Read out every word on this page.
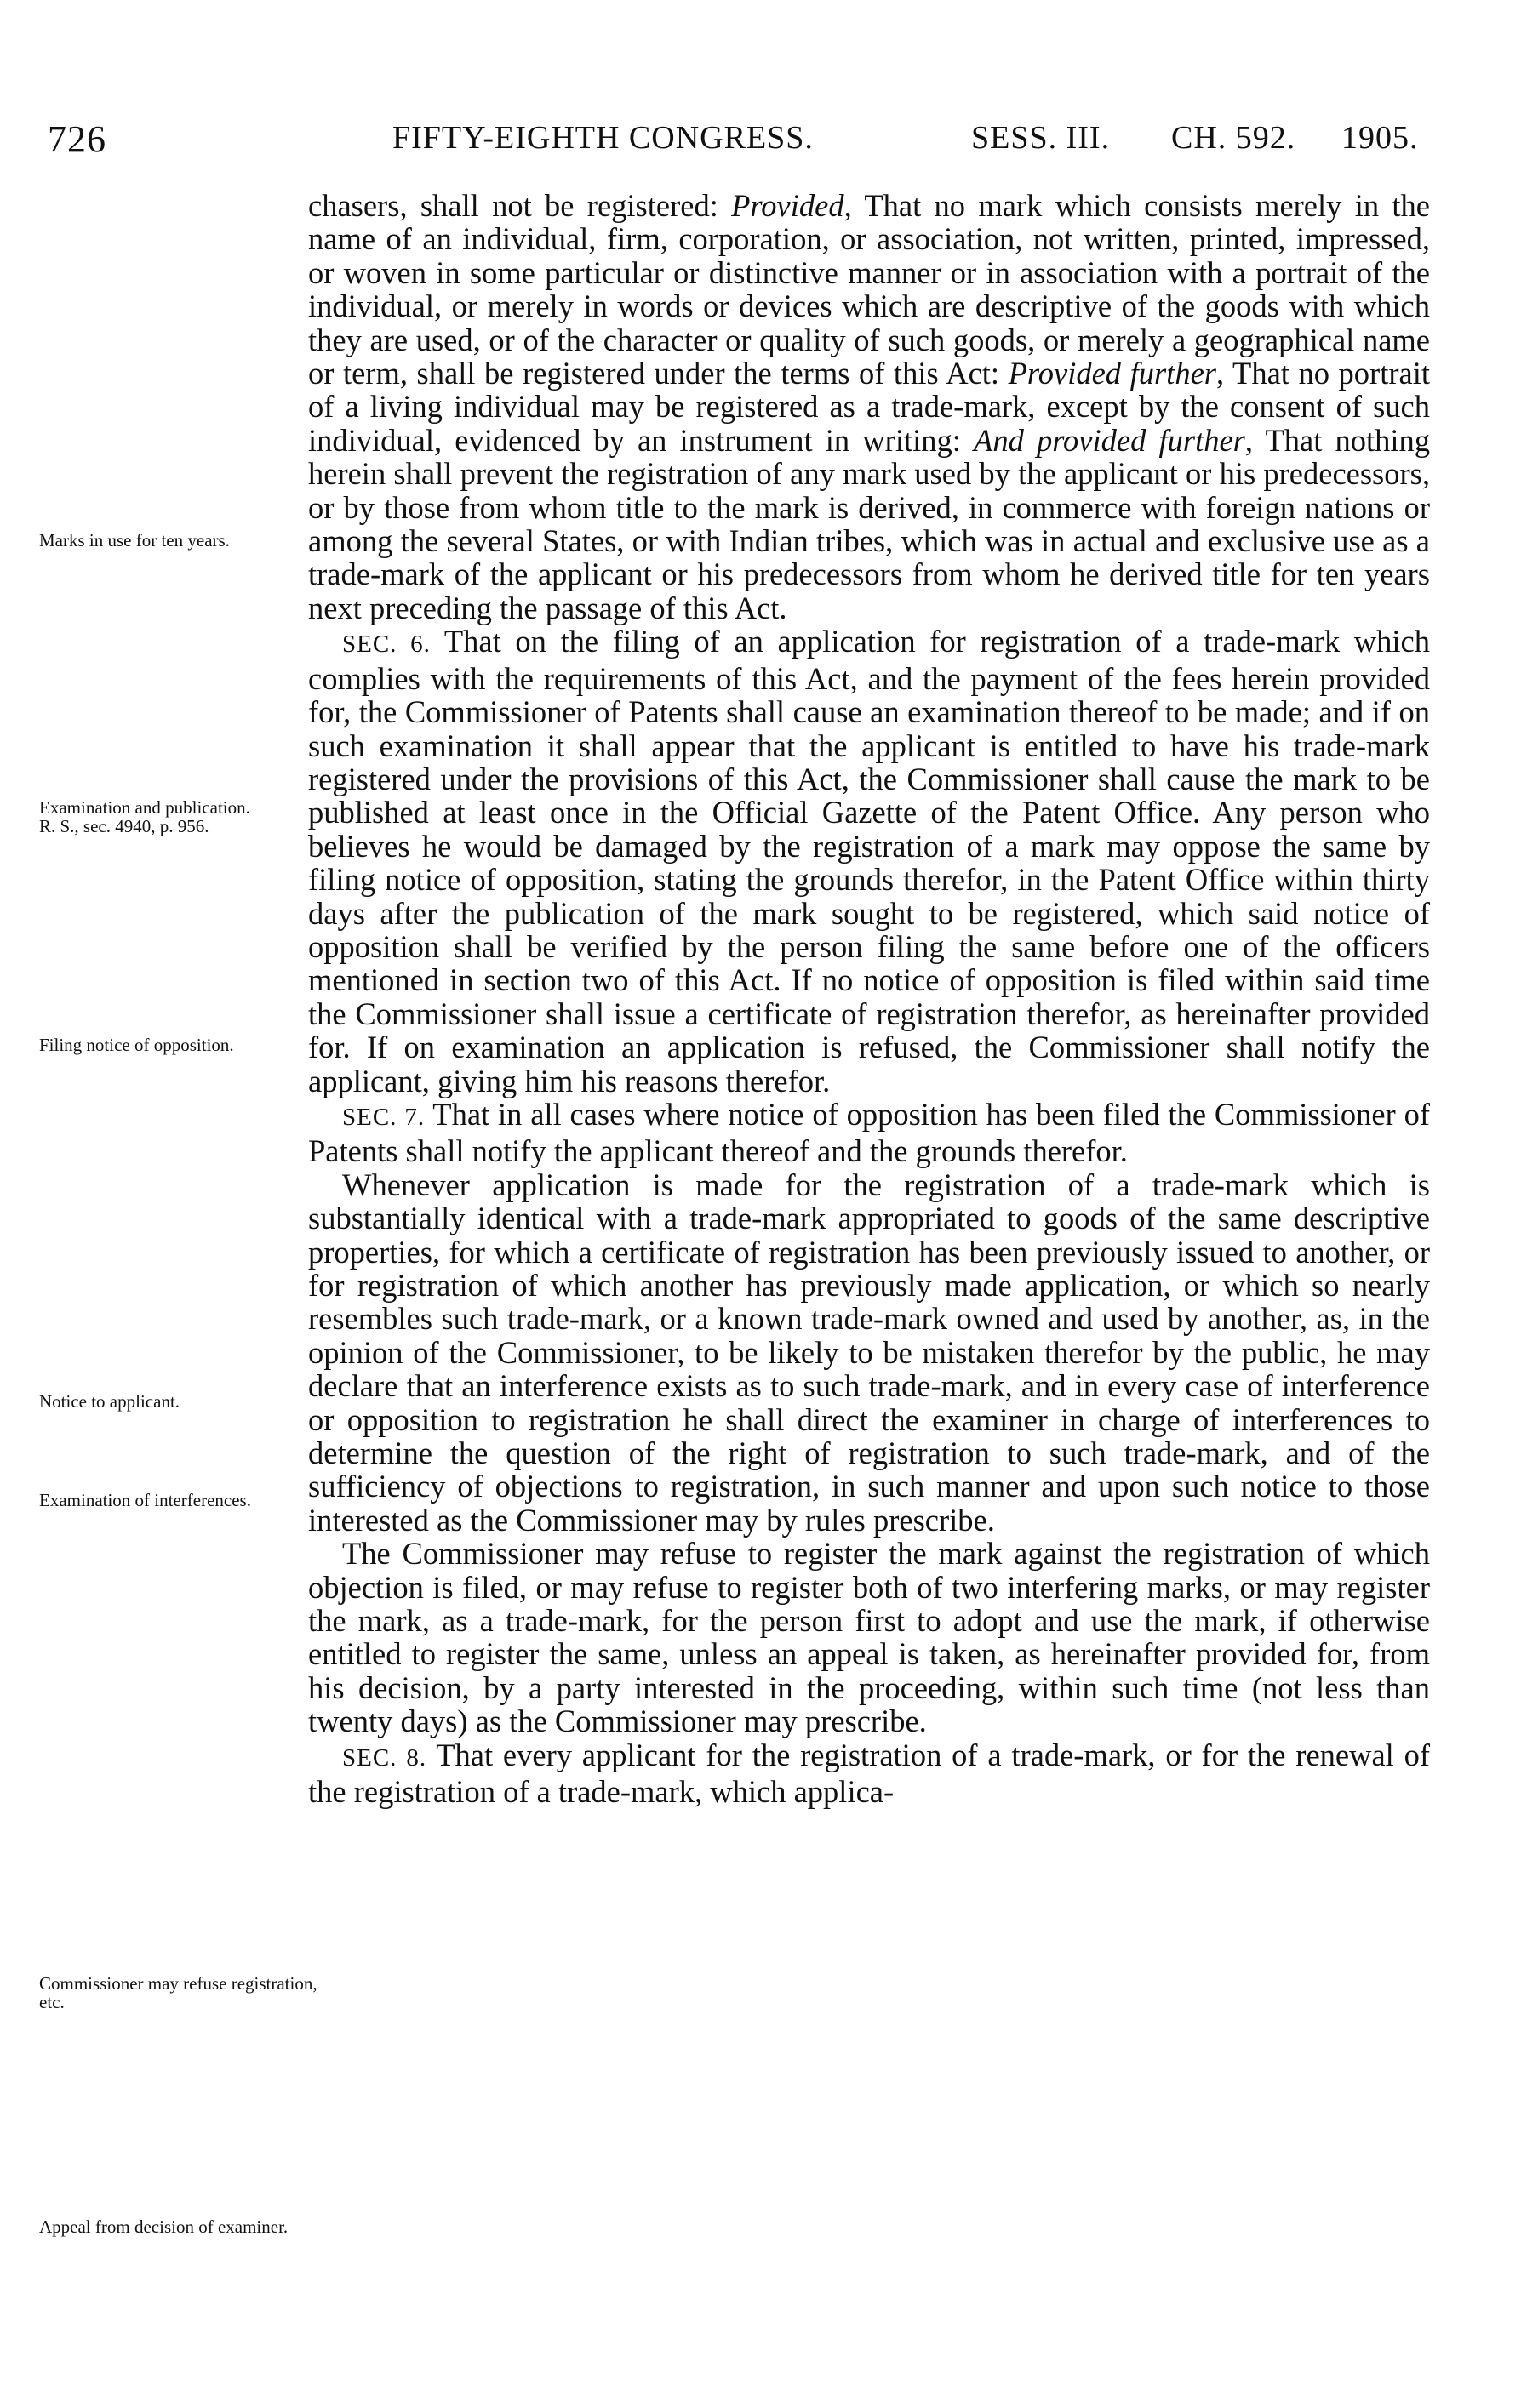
726	FIFTY-EIGHTH CONGRESS.	SESS. III. CH. 592. 1905.

chasers, shall not be registered: Provided, That no mark which consists merely in the name of an individual, firm, corporation, or association, not written, printed, impressed, or woven in some particular or distinctive manner or in association with a portrait of the individual, or merely in words or devices which are descriptive of the goods with which they are used, or of the character or quality of such goods, or merely a geographical name or term, shall be registered under the terms of this Act: Provided further, That no portrait of a living individual may be registered as a trade-mark, except by the consent of such individual, evidenced by an instrument in writing: And provided further, That nothing herein shall prevent the registration of any mark used by the applicant or his predecessors, or by those from whom title to the mark is derived, in commerce with foreign nations or among the several States, or with Indian tribes, which was in actual and exclusive use as a trade-mark of the applicant or his predecessors from whom he derived title for ten years next preceding the passage of this Act.

SEC. 6. That on the filing of an application for registration of a trade-mark which complies with the requirements of this Act, and the payment of the fees herein provided for, the Commissioner of Patents shall cause an examination thereof to be made; and if on such examination it shall appear that the applicant is entitled to have his trade-mark registered under the provisions of this Act, the Commissioner shall cause the mark to be published at least once in the Official Gazette of the Patent Office. Any person who believes he would be damaged by the registration of a mark may oppose the same by filing notice of opposition, stating the grounds therefor, in the Patent Office within thirty days after the publication of the mark sought to be registered, which said notice of opposition shall be verified by the person filing the same before one of the officers mentioned in section two of this Act. If no notice of opposition is filed within said time the Commissioner shall issue a certificate of registration therefor, as hereinafter provided for. If on examination an application is refused, the Commissioner shall notify the applicant, giving him his reasons therefor.

SEC. 7. That in all cases where notice of opposition has been filed the Commissioner of Patents shall notify the applicant thereof and the grounds therefor.

Whenever application is made for the registration of a trade-mark which is substantially identical with a trade-mark appropriated to goods of the same descriptive properties, for which a certificate of registration has been previously issued to another, or for registration of which another has previously made application, or which so nearly resembles such trade-mark, or a known trade-mark owned and used by another, as, in the opinion of the Commissioner, to be likely to be mistaken therefor by the public, he may declare that an interference exists as to such trade-mark, and in every case of interference or opposition to registration he shall direct the examiner in charge of interferences to determine the question of the right of registration to such trade-mark, and of the sufficiency of objections to registration, in such manner and upon such notice to those interested as the Commissioner may by rules prescribe.

The Commissioner may refuse to register the mark against the registration of which objection is filed, or may refuse to register both of two interfering marks, or may register the mark, as a trade-mark, for the person first to adopt and use the mark, if otherwise entitled to register the same, unless an appeal is taken, as hereinafter provided for, from his decision, by a party interested in the proceeding, within such time (not less than twenty days) as the Commissioner may prescribe.

SEC. 8. That every applicant for the registration of a trade-mark, or for the renewal of the registration of a trade-mark, which applica-

Marks in use for ten years.
Examination and publication.
R. S., sec. 4940, p. 956.
Filing notice of opposition.
Notice to applicant.
Examination of interferences.
Commissioner may refuse registration, etc.
Appeal from decision of examiner.
